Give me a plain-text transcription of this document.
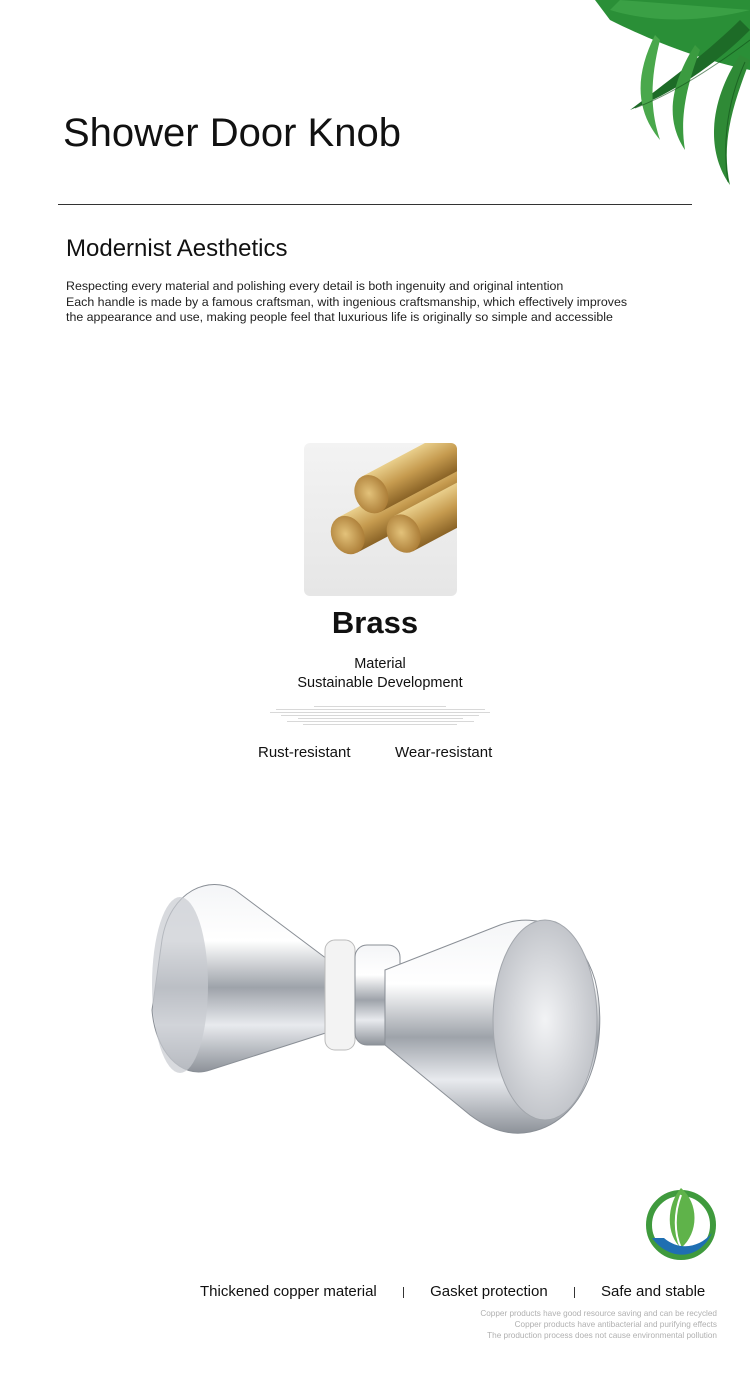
Shower Door Knob
Modernist Aesthetics
Respecting every material and polishing every detail is both ingenuity and original intention
Each handle is made by a famous craftsman, with ingenious craftsmanship, which effectively improves
the appearance and use, making people feel that luxurious life is originally so simple and accessible
Brass
Material
Sustainable Development
Rust-resistant	Wear-resistant
Thickened copper material	Gasket protection	Safe and stable
Copper products have good resource saving and can be recycled
Copper products have antibacterial and purifying effects
The production process does not cause environmental pollution
